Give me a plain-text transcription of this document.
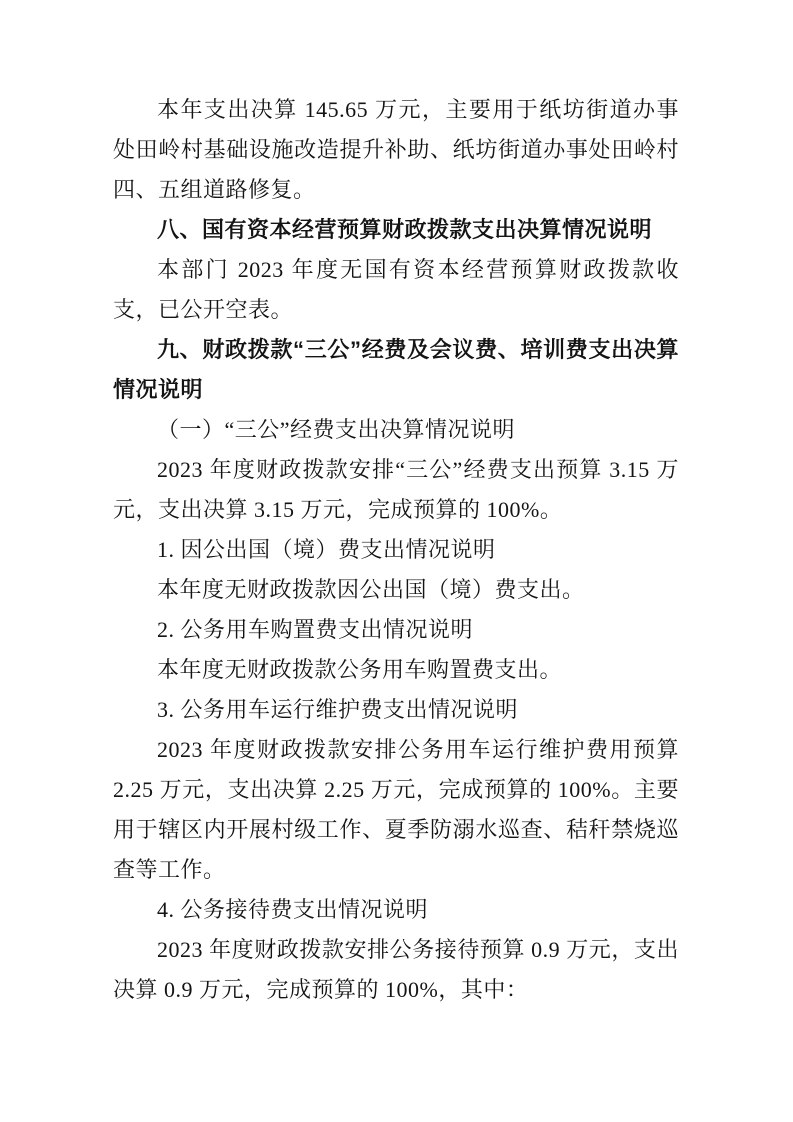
本年支出决算 145.65 万元，主要用于纸坊街道办事处田岭村基础设施改造提升补助、纸坊街道办事处田岭村四、五组道路修复。

八、国有资本经营预算财政拨款支出决算情况说明

本部门 2023 年度无国有资本经营预算财政拨款收支，已公开空表。

九、财政拨款“三公”经费及会议费、培训费支出决算情况说明
（一）“三公”经费支出决算情况说明

2023 年度财政拨款安排“三公”经费支出预算 3.15 万元，支出决算 3.15 万元，完成预算的 100%。

1. 因公出国（境）费支出情况说明

本年度无财政拨款因公出国（境）费支出。

2. 公务用车购置费支出情况说明

本年度无财政拨款公务用车购置费支出。

3. 公务用车运行维护费支出情况说明

2023 年度财政拨款安排公务用车运行维护费用预算 2.25 万元，支出决算 2.25 万元，完成预算的 100%。主要用于辖区内开展村级工作、夏季防溺水巡查、秸秆禁烧巡查等工作。

4. 公务接待费支出情况说明

2023 年度财政拨款安排公务接待预算 0.9 万元，支出决算 0.9 万元，完成预算的 100%，其中：
